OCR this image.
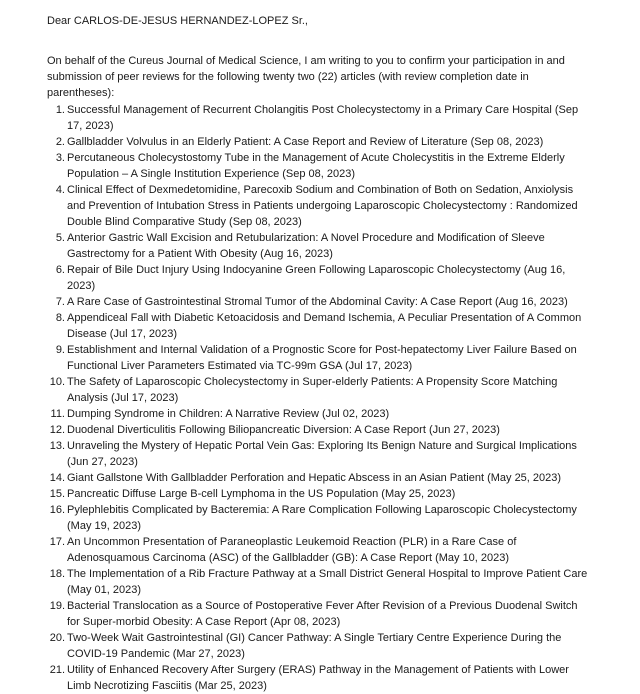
Dear CARLOS-DE-JESUS HERNANDEZ-LOPEZ Sr.,

On behalf of the Cureus Journal of Medical Science, I am writing to you to confirm your participation in and submission of peer reviews for the following twenty two (22) articles (with review completion date in parentheses):

1. Successful Management of Recurrent Cholangitis Post Cholecystectomy in a Primary Care Hospital (Sep 17, 2023)
2. Gallbladder Volvulus in an Elderly Patient: A Case Report and Review of Literature (Sep 08, 2023)
3. Percutaneous Cholecystostomy Tube in the Management of Acute Cholecystitis in the Extreme Elderly Population – A Single Institution Experience (Sep 08, 2023)
4. Clinical Effect of Dexmedetomidine, Parecoxib Sodium and Combination of Both on Sedation, Anxiolysis and Prevention of Intubation Stress in Patients undergoing Laparoscopic Cholecystectomy : Randomized Double Blind Comparative Study (Sep 08, 2023)
5. Anterior Gastric Wall Excision and Retubularization: A Novel Procedure and Modification of Sleeve Gastrectomy for a Patient With Obesity (Aug 16, 2023)
6. Repair of Bile Duct Injury Using Indocyanine Green Following Laparoscopic Cholecystectomy (Aug 16, 2023)
7. A Rare Case of Gastrointestinal Stromal Tumor of the Abdominal Cavity: A Case Report (Aug 16, 2023)
8. Appendiceal Fall with Diabetic Ketoacidosis and Demand Ischemia, A Peculiar Presentation of A Common Disease (Jul 17, 2023)
9. Establishment and Internal Validation of a Prognostic Score for Post-hepatectomy Liver Failure Based on Functional Liver Parameters Estimated via TC-99m GSA (Jul 17, 2023)
10. The Safety of Laparoscopic Cholecystectomy in Super-elderly Patients: A Propensity Score Matching Analysis (Jul 17, 2023)
11. Dumping Syndrome in Children: A Narrative Review (Jul 02, 2023)
12. Duodenal Diverticulitis Following Biliopancreatic Diversion: A Case Report (Jun 27, 2023)
13. Unraveling the Mystery of Hepatic Portal Vein Gas: Exploring Its Benign Nature and Surgical Implications (Jun 27, 2023)
14. Giant Gallstone With Gallbladder Perforation and Hepatic Abscess in an Asian Patient (May 25, 2023)
15. Pancreatic Diffuse Large B-cell Lymphoma in the US Population (May 25, 2023)
16. Pylephlebitis Complicated by Bacteremia: A Rare Complication Following Laparoscopic Cholecystectomy (May 19, 2023)
17. An Uncommon Presentation of Paraneoplastic Leukemoid Reaction (PLR) in a Rare Case of Adenosquamous Carcinoma (ASC) of the Gallbladder (GB): A Case Report (May 10, 2023)
18. The Implementation of a Rib Fracture Pathway at a Small District General Hospital to Improve Patient Care (May 01, 2023)
19. Bacterial Translocation as a Source of Postoperative Fever After Revision of a Previous Duodenal Switch for Super-morbid Obesity: A Case Report (Apr 08, 2023)
20. Two-Week Wait Gastrointestinal (GI) Cancer Pathway: A Single Tertiary Centre Experience During the COVID-19 Pandemic (Mar 27, 2023)
21. Utility of Enhanced Recovery After Surgery (ERAS) Pathway in the Management of Patients with Lower Limb Necrotizing Fasciitis (Mar 25, 2023)
